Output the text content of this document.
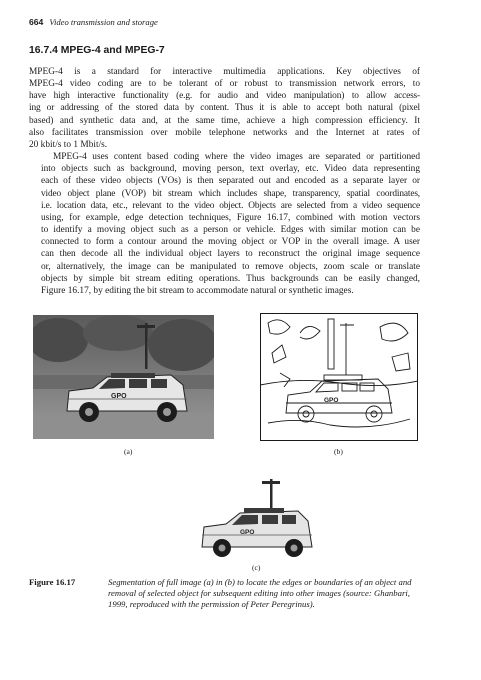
664 Video transmission and storage
16.7.4 MPEG-4 and MPEG-7

MPEG-4 is a standard for interactive multimedia applications. Key objectives of
MPEG-4 video coding are to be tolerant of or robust to transmission network errors, to
have high interactive functionality (e.g. for audio and video manipulation) to allow access-
ing or addressing of the stored data by content. Thus it is able to accept both natural (pixel
based) and synthetic data and, at the same time, achieve a high compression efficiency. It
also facilitates transmission over mobile telephone networks and the Internet at rates of
20 kbit/s to 1 Mbit/s.

MPEG-4 uses content based coding where the video images are separated or partitioned
into objects such as background, moving person, text overlay, etc. Video data representing
each of these video objects (VOs) is then separated out and encoded as a separate layer or
video object plane (VOP) bit stream which includes shape, transparency, spatial coordinates,
i.e. location data, etc., relevant to the video object. Objects are selected from a video sequence
using, for example, edge detection techniques, Figure 16.17, combined with motion vectors
to identify a moving object such as a person or vehicle. Edges with similar motion can be
connected to form a contour around the moving object or VOP in the overall image. A user
can then decode all the individual object layers to reconstruct the original image sequence
or, alternatively, the image can be manipulated to remove objects, zoom scale or translate
objects by simple bit stream editing operations. Thus backgrounds can be easily changed,
Figure 16.17, by editing the bit stream to accommodate natural or synthetic images.

GPO
GPO
(a)	(b)
GPO
(c)
Figure 16.17	Segmentation of full image (a) in (b) to locate the edges or boundaries of an object and removal of selected object for subsequent editing into other images (source: Ghanbari, 1999, reproduced with the permission of Peter Peregrinus).
